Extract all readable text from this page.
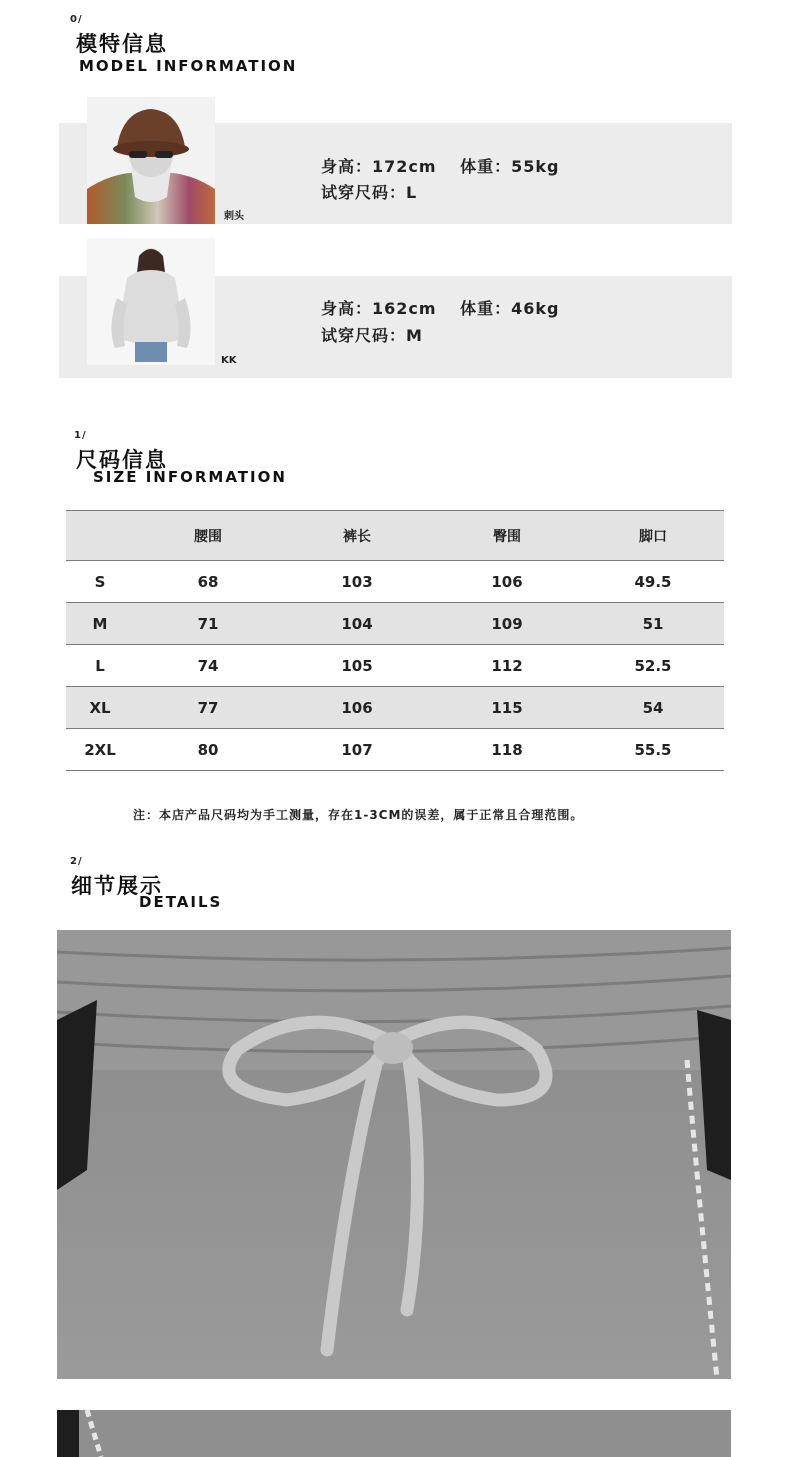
0/
模特信息
MODEL INFORMATION
刺头
身高：172cm　 体重：55kg
试穿尺码：L
KK
身高：162cm　 体重：46kg
试穿尺码：M
1/
尺码信息
SIZE INFORMATION
	腰围	裤长	臀围	脚口
S	68	103	106	49.5
M	71	104	109	51
L	74	105	112	52.5
XL	77	106	115	54
2XL	80	107	118	55.5
注：本店产品尺码均为手工测量，存在1-3CM的误差，属于正常且合理范围。
2/
细节展示
DETAILS
